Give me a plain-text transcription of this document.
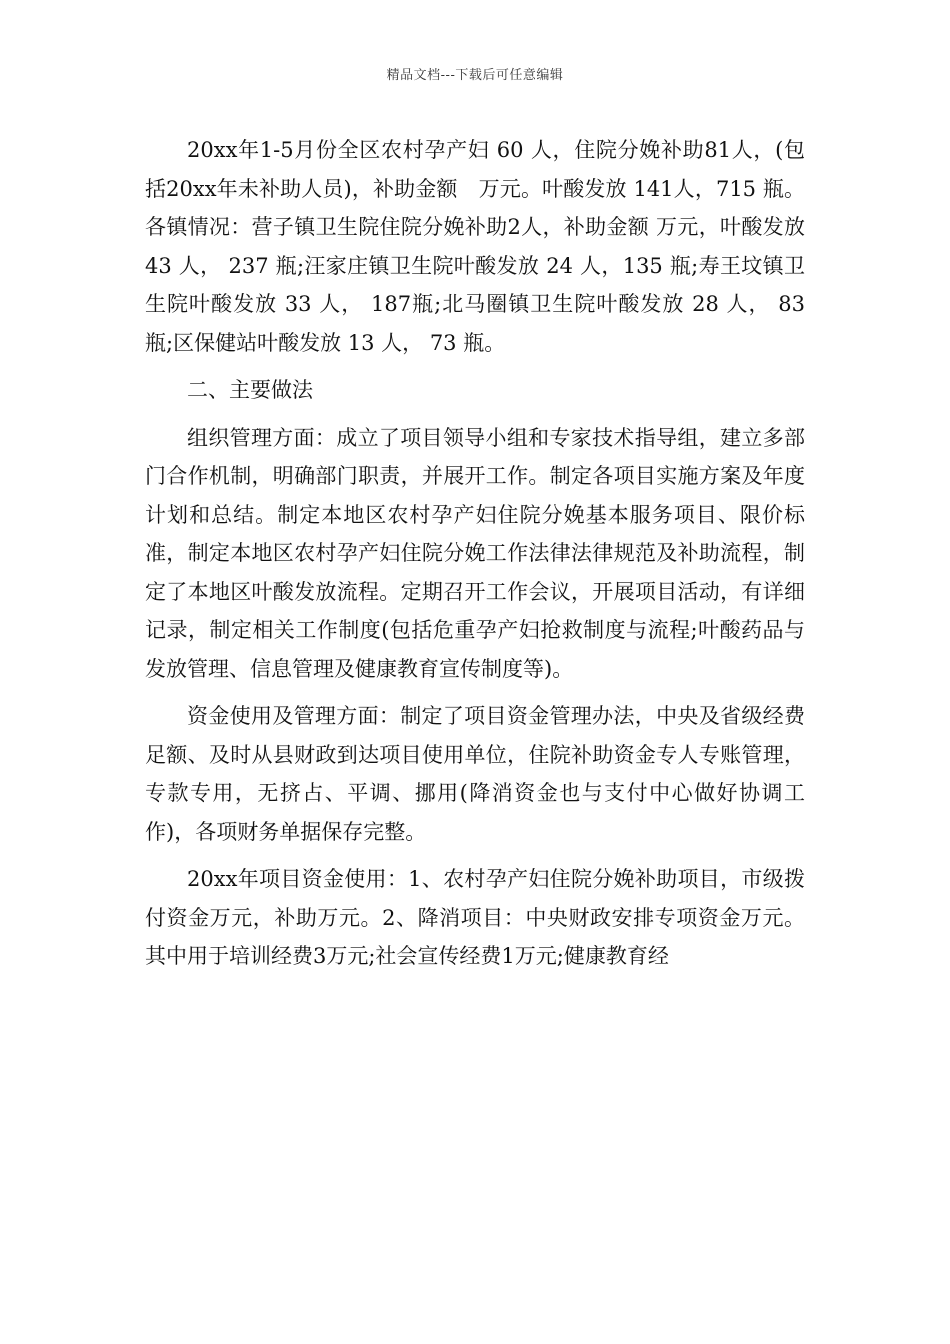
精品文档---下载后可任意编辑

20xx年1-5月份全区农村孕产妇 60 人，住院分娩补助81人，(包括20xx年未补助人员)，补助金额　万元。叶酸发放 141人，715 瓶。各镇情况：营子镇卫生院住院分娩补助2人，补助金额 万元，叶酸发放 43 人， 237 瓶;汪家庄镇卫生院叶酸发放 24 人，135 瓶;寿王坟镇卫生院叶酸发放 33 人， 187瓶;北马圈镇卫生院叶酸发放 28 人， 83 瓶;区保健站叶酸发放 13 人， 73 瓶。

二、主要做法

组织管理方面：成立了项目领导小组和专家技术指导组，建立多部门合作机制，明确部门职责，并展开工作。制定各项目实施方案及年度计划和总结。制定本地区农村孕产妇住院分娩基本服务项目、限价标准，制定本地区农村孕产妇住院分娩工作法律法律规范及补助流程，制定了本地区叶酸发放流程。定期召开工作会议，开展项目活动，有详细记录，制定相关工作制度(包括危重孕产妇抢救制度与流程;叶酸药品与发放管理、信息管理及健康教育宣传制度等)。

资金使用及管理方面：制定了项目资金管理办法，中央及省级经费足额、及时从县财政到达项目使用单位，住院补助资金专人专账管理，专款专用，无挤占、平调、挪用(降消资金也与支付中心做好协调工作)，各项财务单据保存完整。

20xx年项目资金使用：1、农村孕产妇住院分娩补助项目，市级拨付资金万元，补助万元。2、降消项目：中央财政安排专项资金万元。其中用于培训经费3万元;社会宣传经费1万元;健康教育经
